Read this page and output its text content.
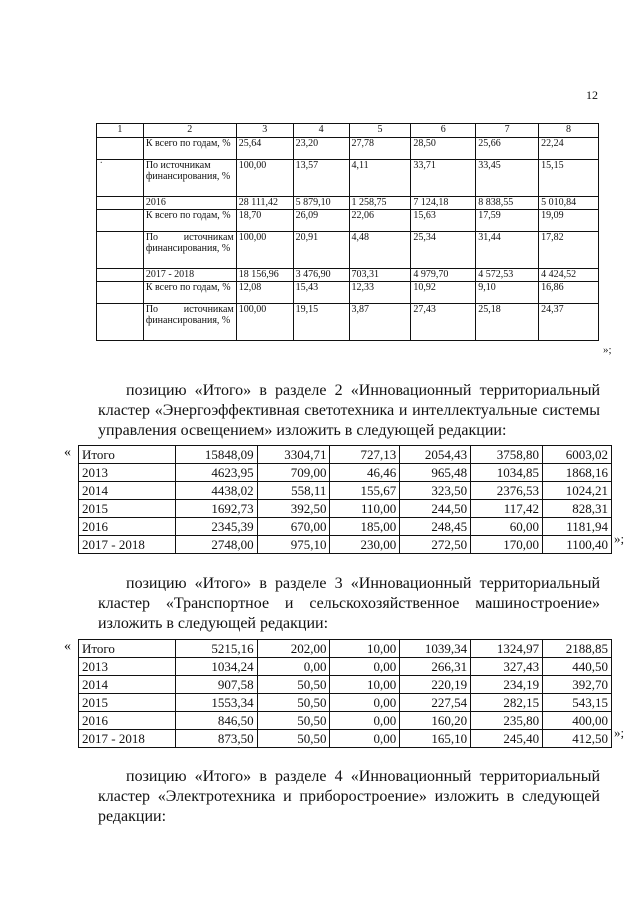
12
.
1	2	3	4	5	6	7	8
	К всего по годам, %	25,64	23,20	27,78	28,50	25,66	22,24
	По источникам финансирования, %	100,00	13,57	4,11	33,71	33,45	15,15
	2016	28 111,42	5 879,10	1 258,75	7 124,18	8 838,55	5 010,84
	К всего по годам, %	18,70	26,09	22,06	15,63	17,59	19,09
	По источникам финансирования, %	100,00	20,91	4,48	25,34	31,44	17,82
	2017 - 2018	18 156,96	3 476,90	703,31	4 979,70	4 572,53	4 424,52
	К всего по годам, %	12,08	15,43	12,33	10,92	9,10	16,86
	По источникам финансирования, %	100,00	19,15	3,87	27,43	25,18	24,37
»;
позицию «Итого» в разделе 2 «Инновационный территориальный кластер «Энергоэффективная светотехника и интеллектуальные системы управления освещением» изложить в следующей редакции:
« Итого	15848,09	3304,71	727,13	2054,43	3758,80	6003,02
2013	4623,95	709,00	46,46	965,48	1034,85	1868,16
2014	4438,02	558,11	155,67	323,50	2376,53	1024,21
2015	1692,73	392,50	110,00	244,50	117,42	828,31
2016	2345,39	670,00	185,00	248,45	60,00	1181,94
2017 - 2018	2748,00	975,10	230,00	272,50	170,00	1100,40 »;
позицию «Итого» в разделе 3 «Инновационный территориальный кластер «Транспортное и сельскохозяйственное машиностроение» изложить в следующей редакции:
« Итого	5215,16	202,00	10,00	1039,34	1324,97	2188,85
2013	1034,24	0,00	0,00	266,31	327,43	440,50
2014	907,58	50,50	10,00	220,19	234,19	392,70
2015	1553,34	50,50	0,00	227,54	282,15	543,15
2016	846,50	50,50	0,00	160,20	235,80	400,00
2017 - 2018	873,50	50,50	0,00	165,10	245,40	412,50 »;
позицию «Итого» в разделе 4 «Инновационный территориальный кластер «Электротехника и приборостроение» изложить в следующей редакции:
